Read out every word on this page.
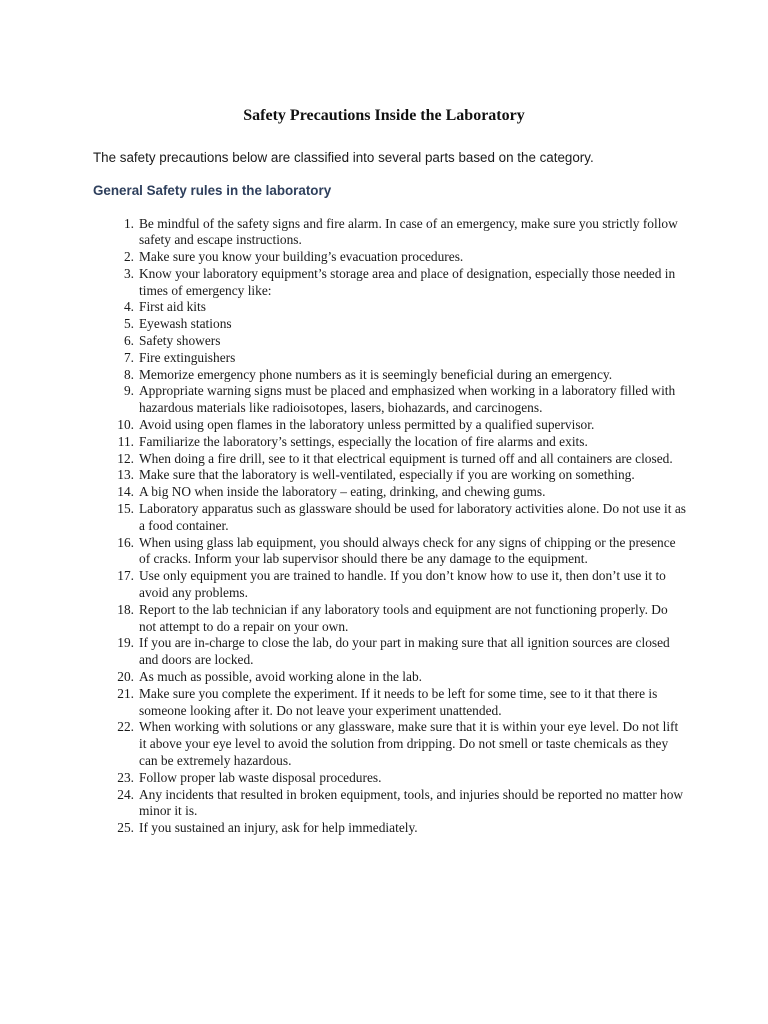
Safety Precautions Inside the Laboratory

The safety precautions below are classified into several parts based on the category.

General Safety rules in the laboratory
1. Be mindful of the safety signs and fire alarm. In case of an emergency, make sure you strictly follow safety and escape instructions.
2. Make sure you know your building’s evacuation procedures.
3. Know your laboratory equipment’s storage area and place of designation, especially those needed in times of emergency like:
4. First aid kits
5. Eyewash stations
6. Safety showers
7. Fire extinguishers
8. Memorize emergency phone numbers as it is seemingly beneficial during an emergency.
9. Appropriate warning signs must be placed and emphasized when working in a laboratory filled with hazardous materials like radioisotopes, lasers, biohazards, and carcinogens.
10. Avoid using open flames in the laboratory unless permitted by a qualified supervisor.
11. Familiarize the laboratory’s settings, especially the location of fire alarms and exits.
12. When doing a fire drill, see to it that electrical equipment is turned off and all containers are closed.
13. Make sure that the laboratory is well-ventilated, especially if you are working on something.
14. A big NO when inside the laboratory – eating, drinking, and chewing gums.
15. Laboratory apparatus such as glassware should be used for laboratory activities alone. Do not use it as a food container.
16. When using glass lab equipment, you should always check for any signs of chipping or the presence of cracks. Inform your lab supervisor should there be any damage to the equipment.
17. Use only equipment you are trained to handle. If you don’t know how to use it, then don’t use it to avoid any problems.
18. Report to the lab technician if any laboratory tools and equipment are not functioning properly. Do not attempt to do a repair on your own.
19. If you are in-charge to close the lab, do your part in making sure that all ignition sources are closed and doors are locked.
20. As much as possible, avoid working alone in the lab.
21. Make sure you complete the experiment. If it needs to be left for some time, see to it that there is someone looking after it. Do not leave your experiment unattended.
22. When working with solutions or any glassware, make sure that it is within your eye level. Do not lift it above your eye level to avoid the solution from dripping. Do not smell or taste chemicals as they can be extremely hazardous.
23. Follow proper lab waste disposal procedures.
24. Any incidents that resulted in broken equipment, tools, and injuries should be reported no matter how minor it is.
25. If you sustained an injury, ask for help immediately.
